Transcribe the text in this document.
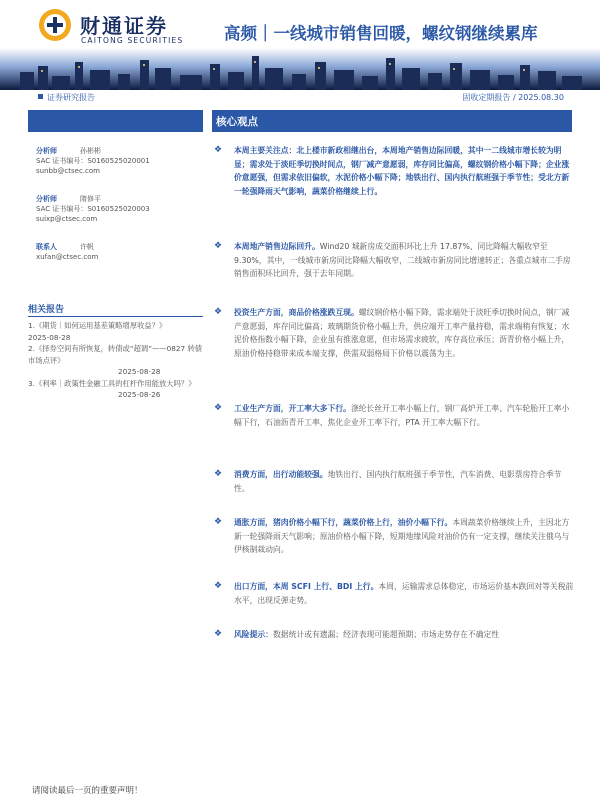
财通证券
CAITONG SECURITIES 高频｜一线城市销售回暖，螺纹钢继续累库
证券研究报告	固收定期报告 / 2025.08.30
分析师	孙彬彬
SAC 证书编号：S0160525020001
sunbb@ctsec.com
分析师	隋修平
SAC 证书编号：S0160525020003
suixp@ctsec.com
联系人	许帆
xufan@ctsec.com
相关报告
1.《期货｜如何运用基差策略增厚收益？》
2025-08-28
2.《择券空间有所恢复，转债或“超调”——0827 转债市场点评》
2025-08-28
3.《利率｜政策性金融工具的杠杆作用能放大吗？》
2025-08-26
核心观点
❖ 本周主要关注点：北上楼市新政相继出台，本周地产销售边际回暖，其中一二线城市增长较为明显；需求处于淡旺季切换时间点，钢厂减产意愿弱，库存同比偏高，螺纹钢价格小幅下降；企业涨价意愿强，但需求依旧偏软，水泥价格小幅下降；地铁出行、国内执行航班强于季节性；受北方新一轮强降雨天气影响，蔬菜价格继续上行。
❖ 本周地产销售边际回升。Wind20 城新房成交面积环比上升 17.87%、同比降幅大幅收窄至 9.30%，其中，一线城市新房同比降幅大幅收窄，二线城市新房同比增速转正；各重点城市二手房销售面积环比回升，强于去年同期。
❖ 投资生产方面，商品价格涨跌互现。螺纹钢价格小幅下降，需求端处于淡旺季切换时间点，钢厂减产意愿弱，库存同比偏高；玻璃期货价格小幅上升，供应端开工率产量持稳，需求端稍有恢复；水泥价格指数小幅下降，企业虽有推涨意愿，但市场需求疲软，库存高位承压；沥青价格小幅上升，原油价格持稳带来成本端支撑，供需双弱格局下价格以震荡为主。
❖ 工业生产方面，开工率大多下行。涤纶长丝开工率小幅上行，钢厂高炉开工率、汽车轮胎开工率小幅下行，石油沥青开工率、焦化企业开工率下行，PTA 开工率大幅下行。
❖ 消费方面，出行动能较强。地铁出行、国内执行航班强于季节性，汽车消费、电影票房符合季节性。
❖ 通胀方面，猪肉价格小幅下行，蔬菜价格上行，油价小幅下行。本周蔬菜价格继续上升，主因北方新一轮强降雨天气影响；原油价格小幅下降，短期地缘风险对油价仍有一定支撑，继续关注俄乌与伊核制裁动向。
❖ 出口方面，本周 SCFI 上行、BDI 上行。本周，运输需求总体稳定，市场运价基本跌回对等关税前水平，出现反弹走势。
❖ 风险提示：数据统计或有遗漏；经济表现可能超预期；市场走势存在不确定性
请阅读最后一页的重要声明！
